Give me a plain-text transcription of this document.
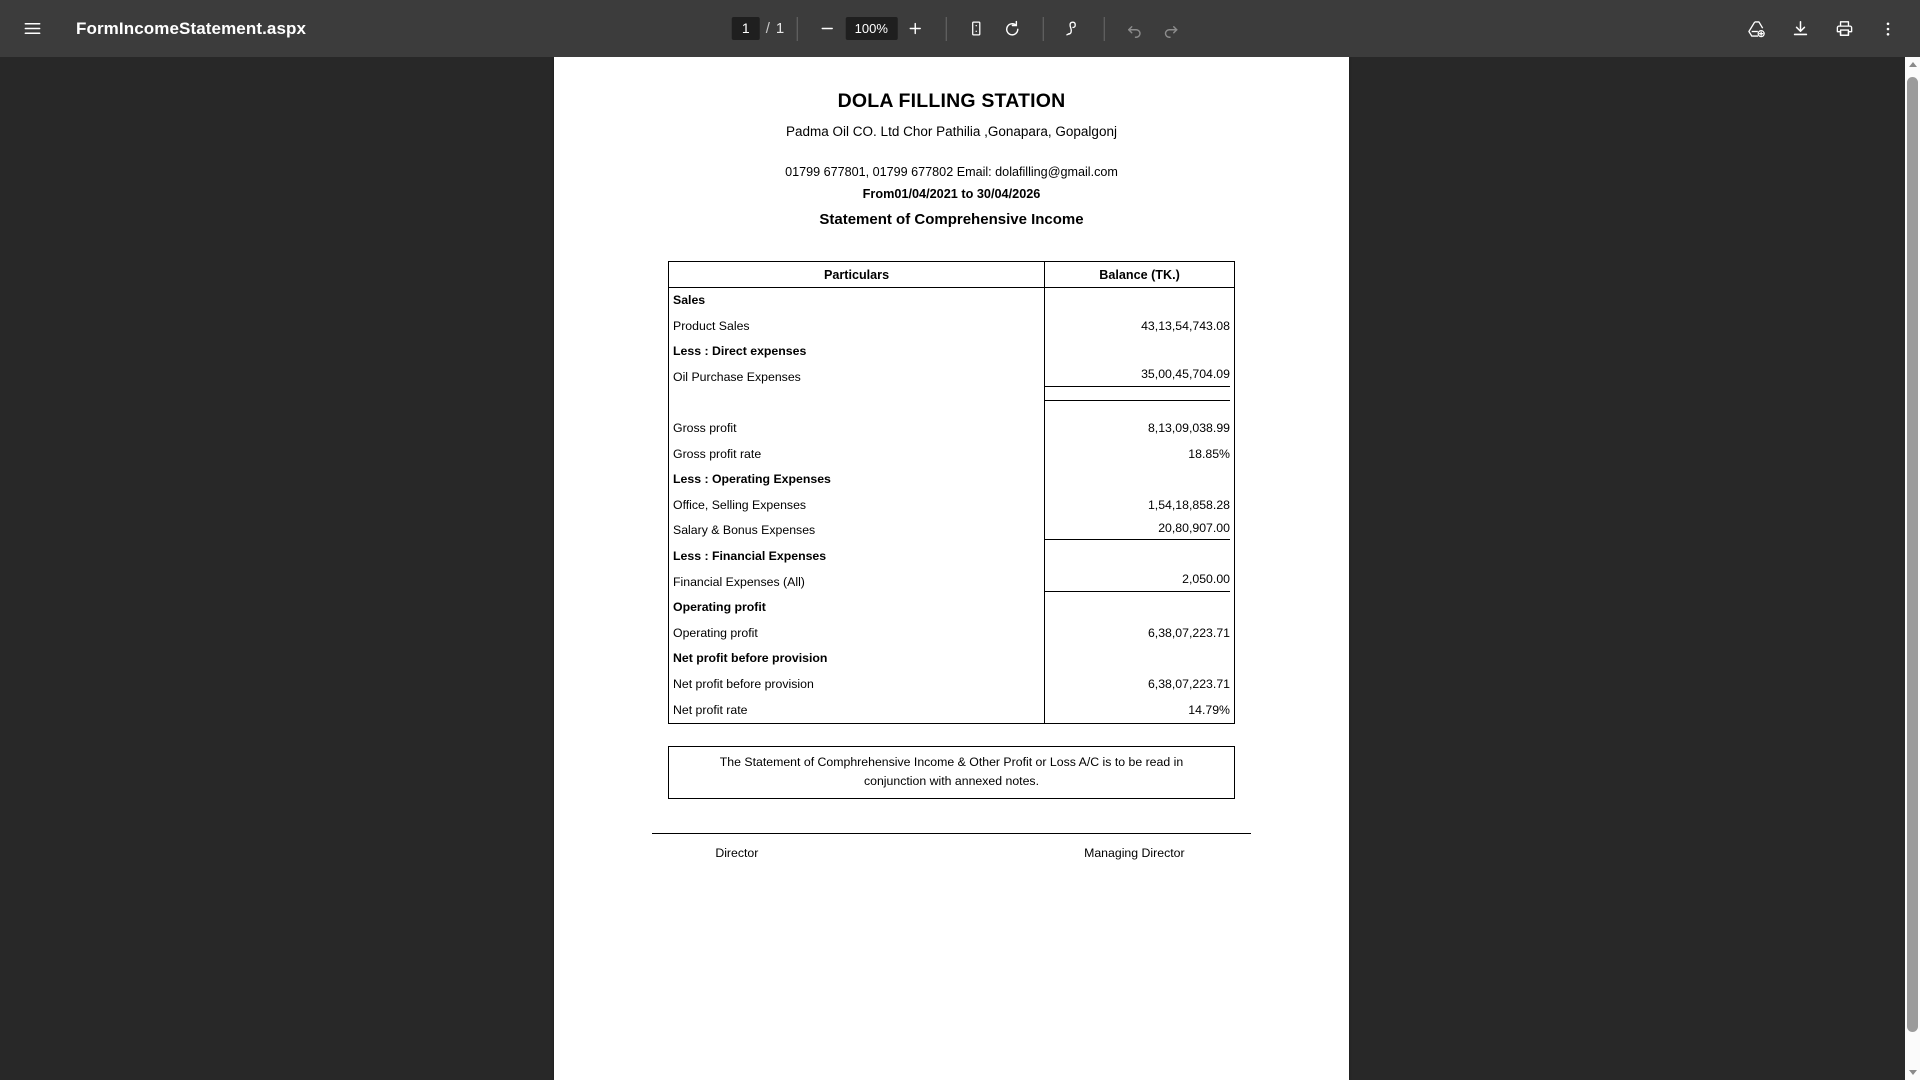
FormIncomeStatement.aspx
1	/ 1	100%
DOLA FILLING STATION
Padma Oil CO. Ltd Chor Pathilia ,Gonapara, Gopalgonj
01799 677801, 01799 677802 Email: dolafilling@gmail.com
From01/04/2021 to 30/04/2026
Statement of Comprehensive Income
Particulars	Balance (TK.)
Sales	
Product Sales	43,13,54,743.08
Less : Direct expenses	
Oil Purchase Expenses	35,00,45,704.09

Gross profit	8,13,09,038.99
Gross profit rate	18.85%
Less : Operating Expenses	
Office, Selling Expenses	1,54,18,858.28
Salary & Bonus Expenses	20,80,907.00

Less : Financial Expenses	
Financial Expenses (All)	2,050.00

Operating profit	
Operating profit	6,38,07,223.71
Net profit before provision	
Net profit before provision	6,38,07,223.71
Net profit rate	14.79%
The Statement of Comphrehensive Income & Other Profit or Loss A/C is to be read in conjunction with annexed notes.
Director	Managing Director
